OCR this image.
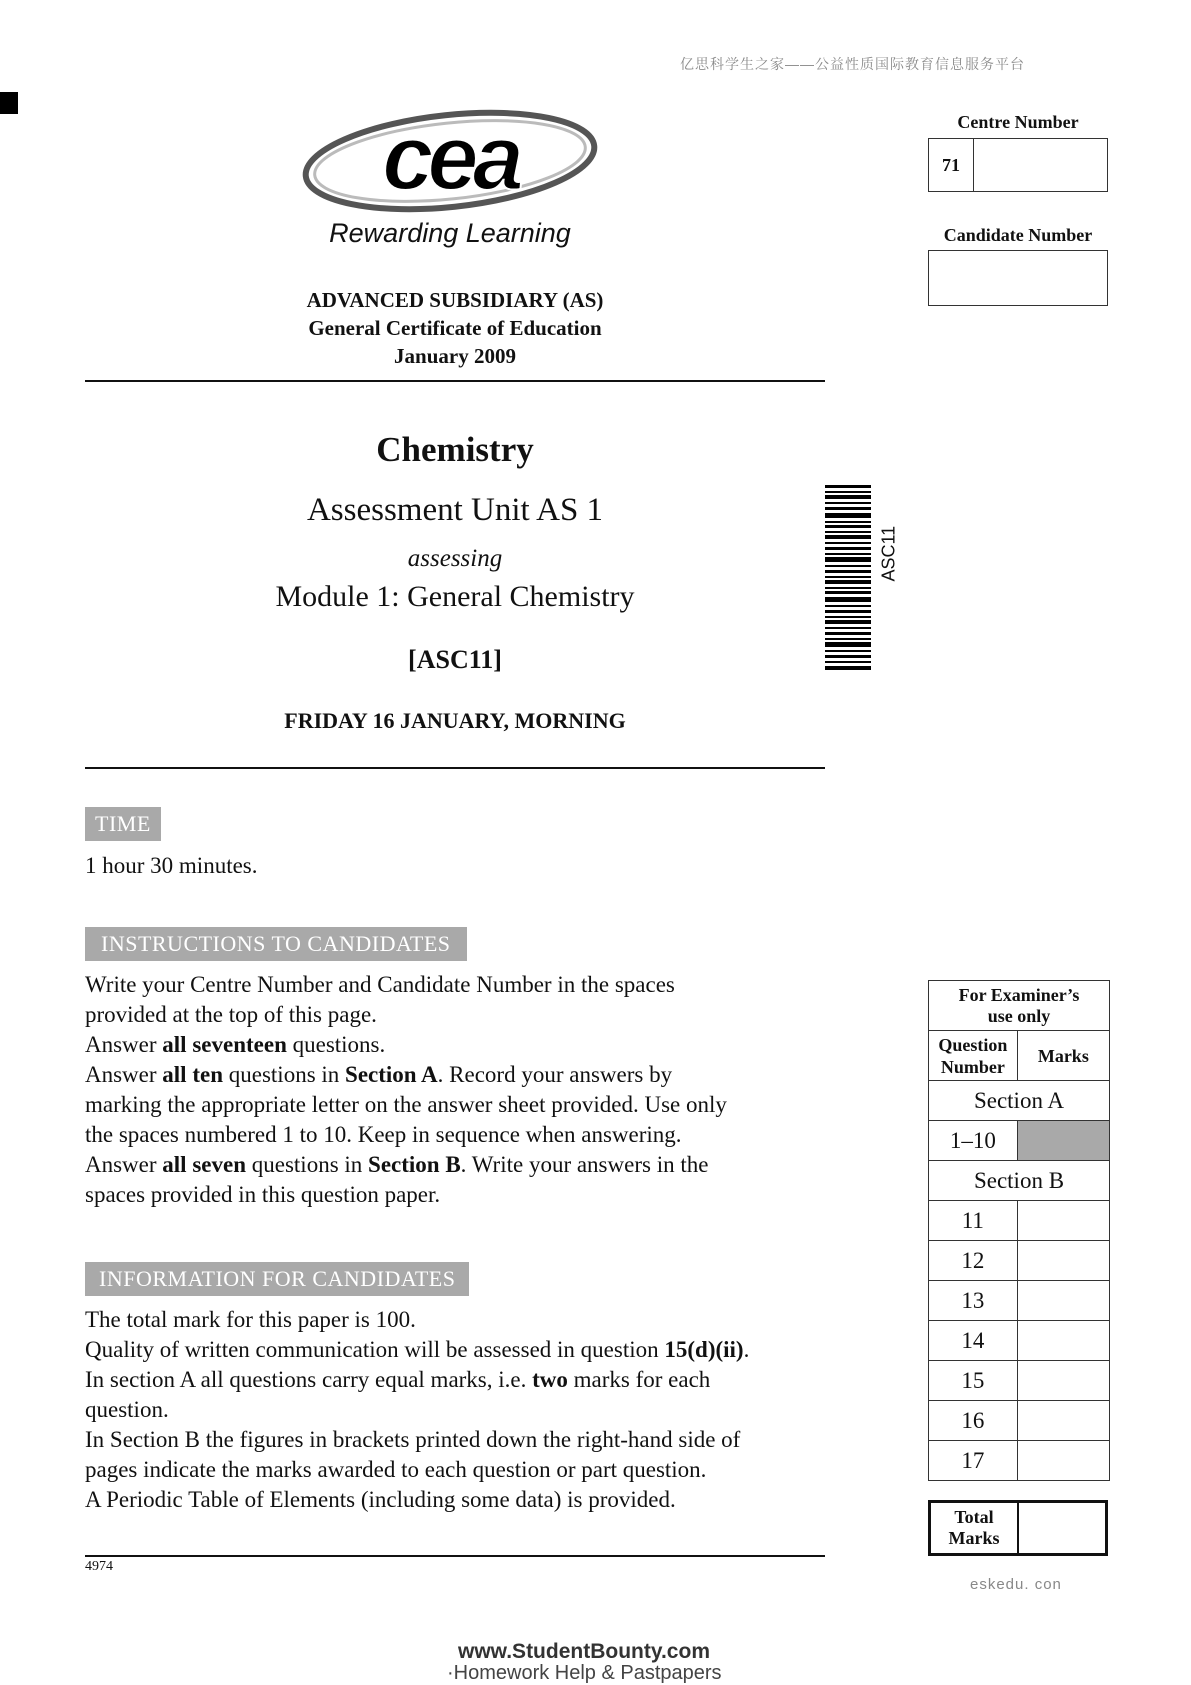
亿思科学生之家——公益性质国际教育信息服务平台
cea
Rewarding Learning
ADVANCED SUBSIDIARY (AS)
General Certificate of Education
January 2009
Chemistry
Assessment Unit AS 1
assessing
Module 1: General Chemistry
[ASC11]
FRIDAY 16 JANUARY, MORNING
ASC11
Centre Number
71
Candidate Number
TIME
1 hour 30 minutes.
INSTRUCTIONS TO CANDIDATES
Write your Centre Number and Candidate Number in the spaces
provided at the top of this page.
Answer all seventeen questions.
Answer all ten questions in Section A. Record your answers by
marking the appropriate letter on the answer sheet provided. Use only
the spaces numbered 1 to 10. Keep in sequence when answering.
Answer all seven questions in Section B. Write your answers in the
spaces provided in this question paper.
INFORMATION FOR CANDIDATES
The total mark for this paper is 100.
Quality of written communication will be assessed in question 15(d)(ii).
In section A all questions carry equal marks, i.e. two marks for each
question.
In Section B the figures in brackets printed down the right-hand side of
pages indicate the marks awarded to each question or part question.
A Periodic Table of Elements (including some data) is provided.
For Examiner’s
use only	

Question
Number	Marks
Section A	
1–10	
Section B	
11	
12	
13	
14	
15	
16	
17	
Total
Marks
4974
eskedu. con
www.StudentBounty.com
·Homework Help & Pastpapers
